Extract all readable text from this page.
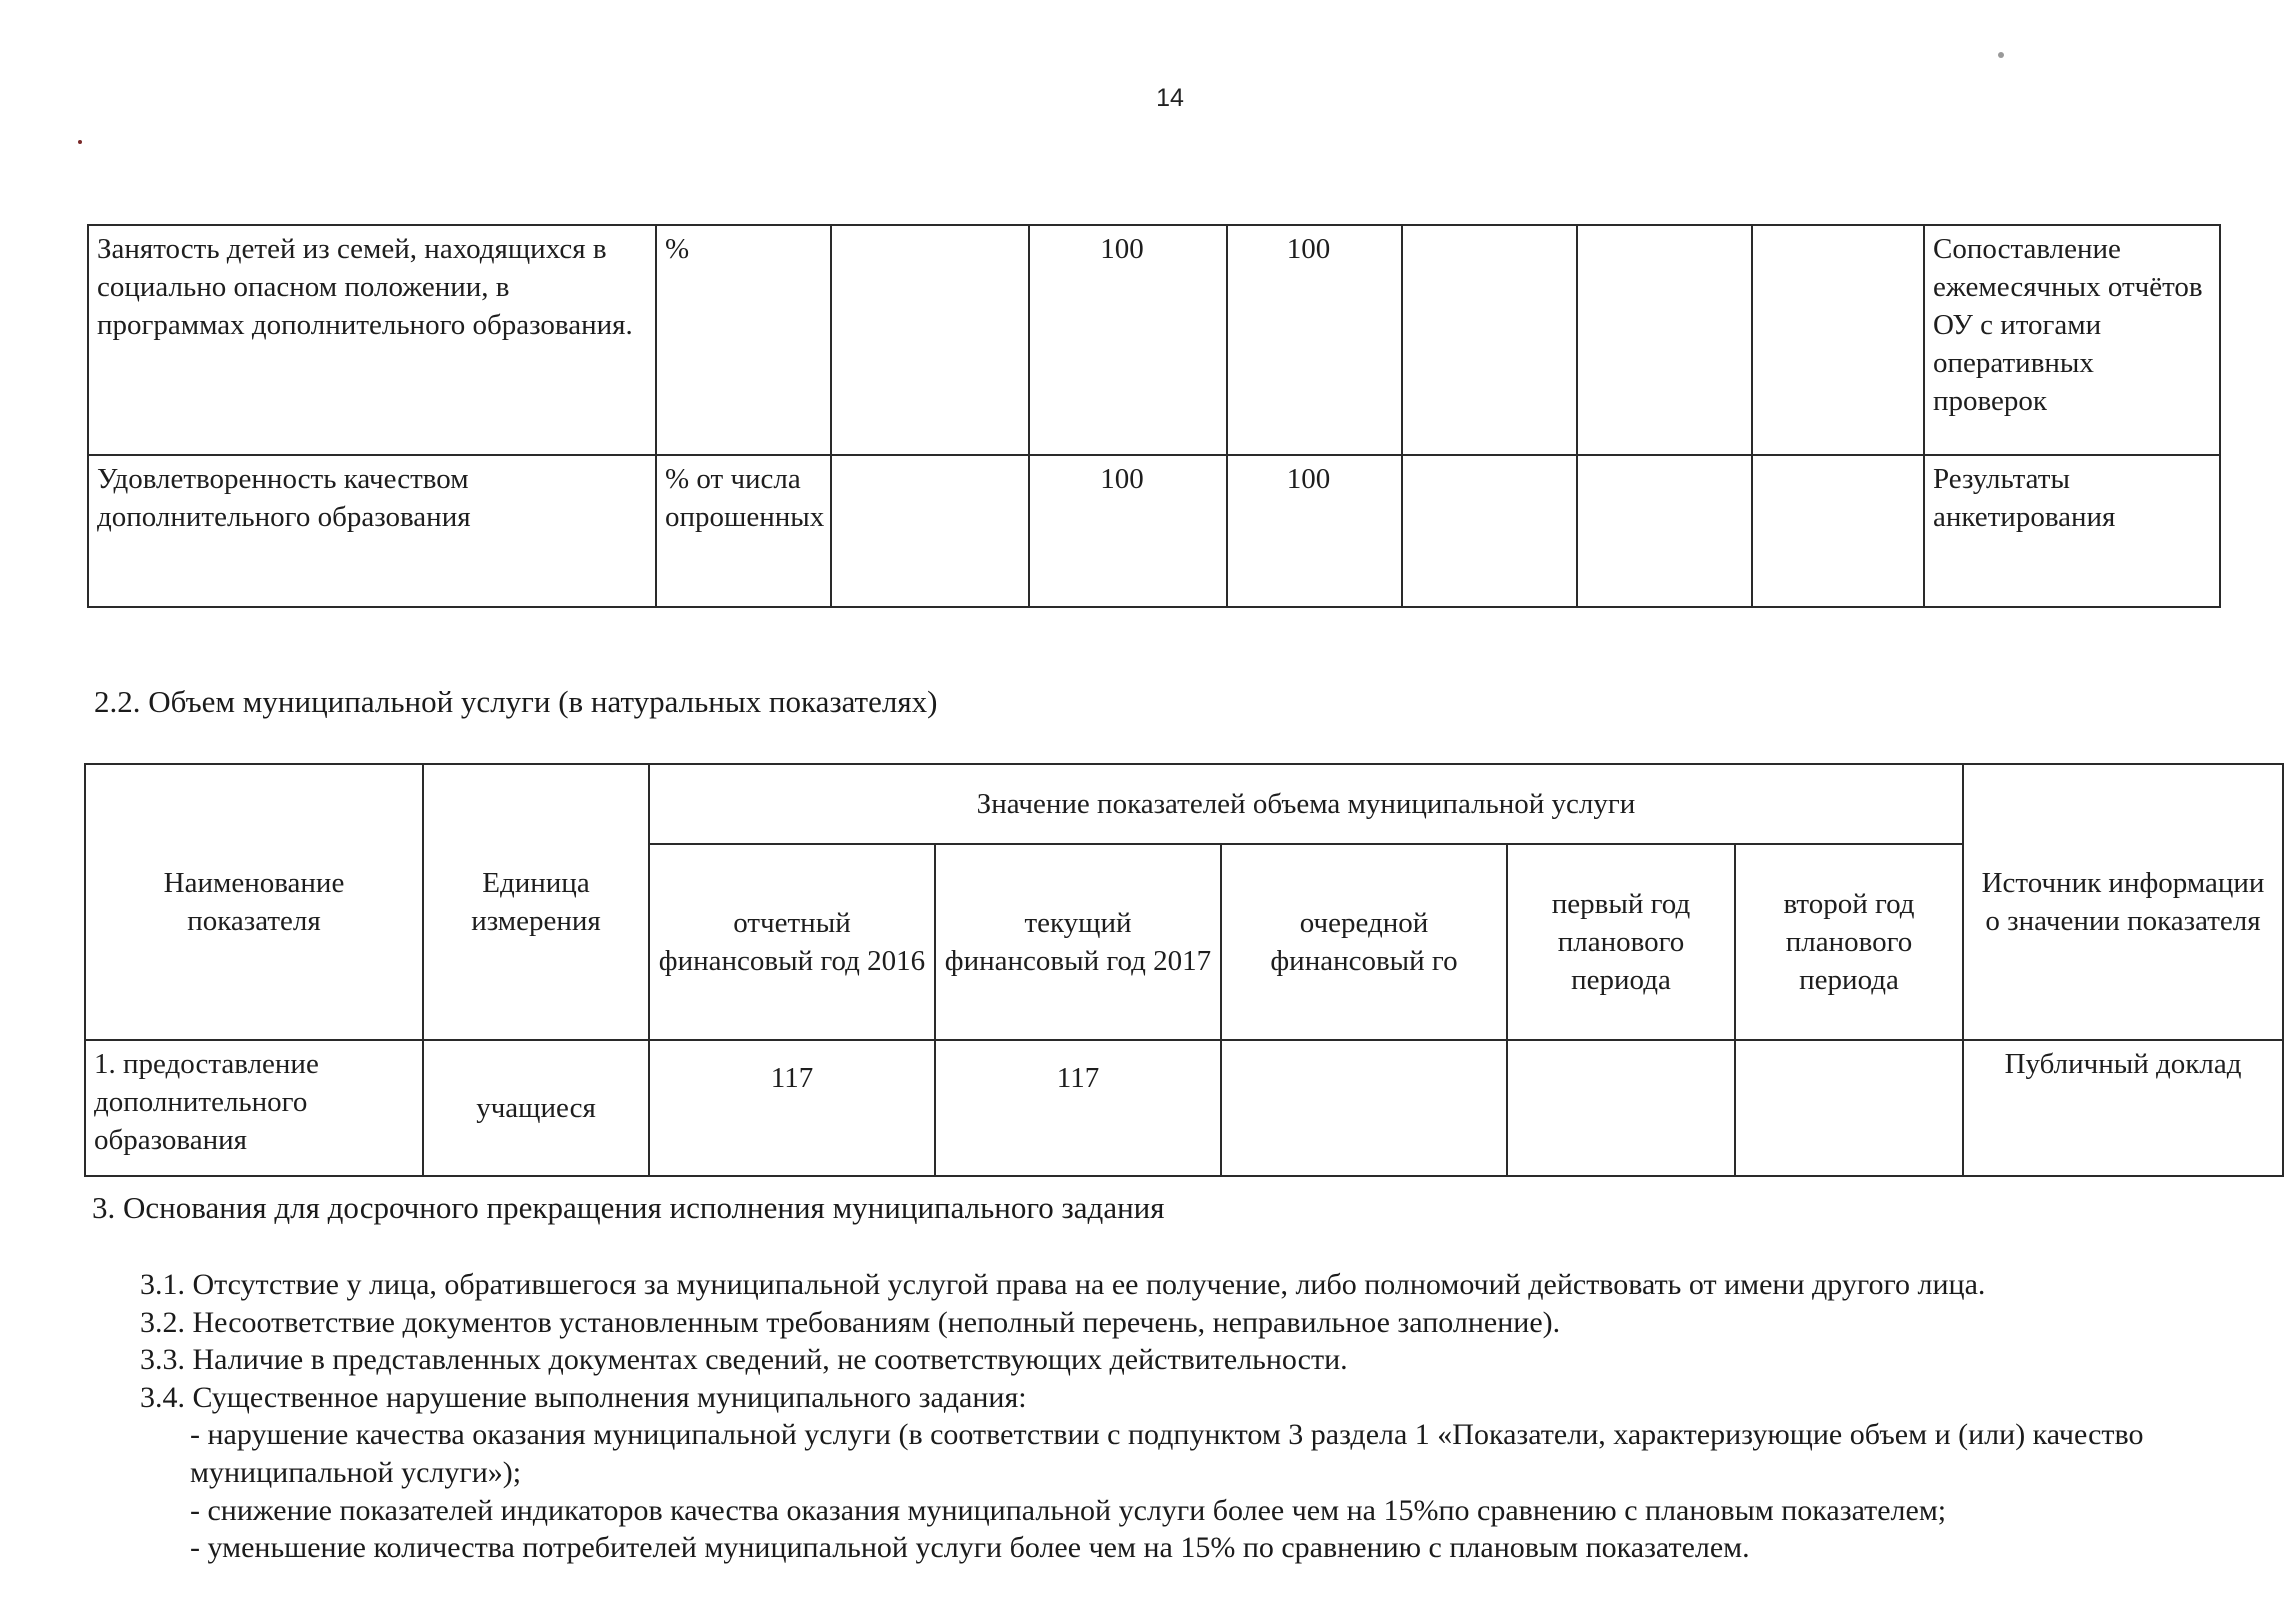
14
Занятость детей из семей, находящихся в социально опасном положении, в программах дополнительного образования.	%		100	100				Сопоставление ежемесячных отчётов ОУ с итогами оперативных проверок
Удовлетворенность качеством дополнительного образования	% от числа опрошенных		100	100				Результаты анкетирования
2.2. Объем муниципальной услуги (в натуральных показателях)
Наименование показателя	Единица измерения	Значение показателей объема муниципальной услуги					Источник информации о значении показателя
		отчетный финансовый год 2016	текущий финансовый год 2017	очередной финансовый го	первый год планового периода	второй год планового периода	
1. предоставление дополнительного образования	учащиеся	117	117				Публичный доклад
3. Основания для досрочного прекращения исполнения муниципального задания

3.1. Отсутствие у лица, обратившегося за муниципальной услугой права на ее получение, либо полномочий действовать от имени другого лица.

3.2. Несоответствие документов установленным требованиям (неполный перечень, неправильное заполнение).

3.3. Наличие в представленных документах сведений, не соответствующих действительности.

3.4. Существенное нарушение выполнения муниципального задания:

- нарушение качества оказания муниципальной услуги (в соответствии с подпунктом 3 раздела 1 «Показатели, характеризующие объем и (или) качество муниципальной услуги»);

- снижение показателей индикаторов качества оказания муниципальной услуги более чем на 15%по сравнению с плановым показателем;

- уменьшение количества потребителей муниципальной услуги более чем на 15% по сравнению с плановым показателем.
